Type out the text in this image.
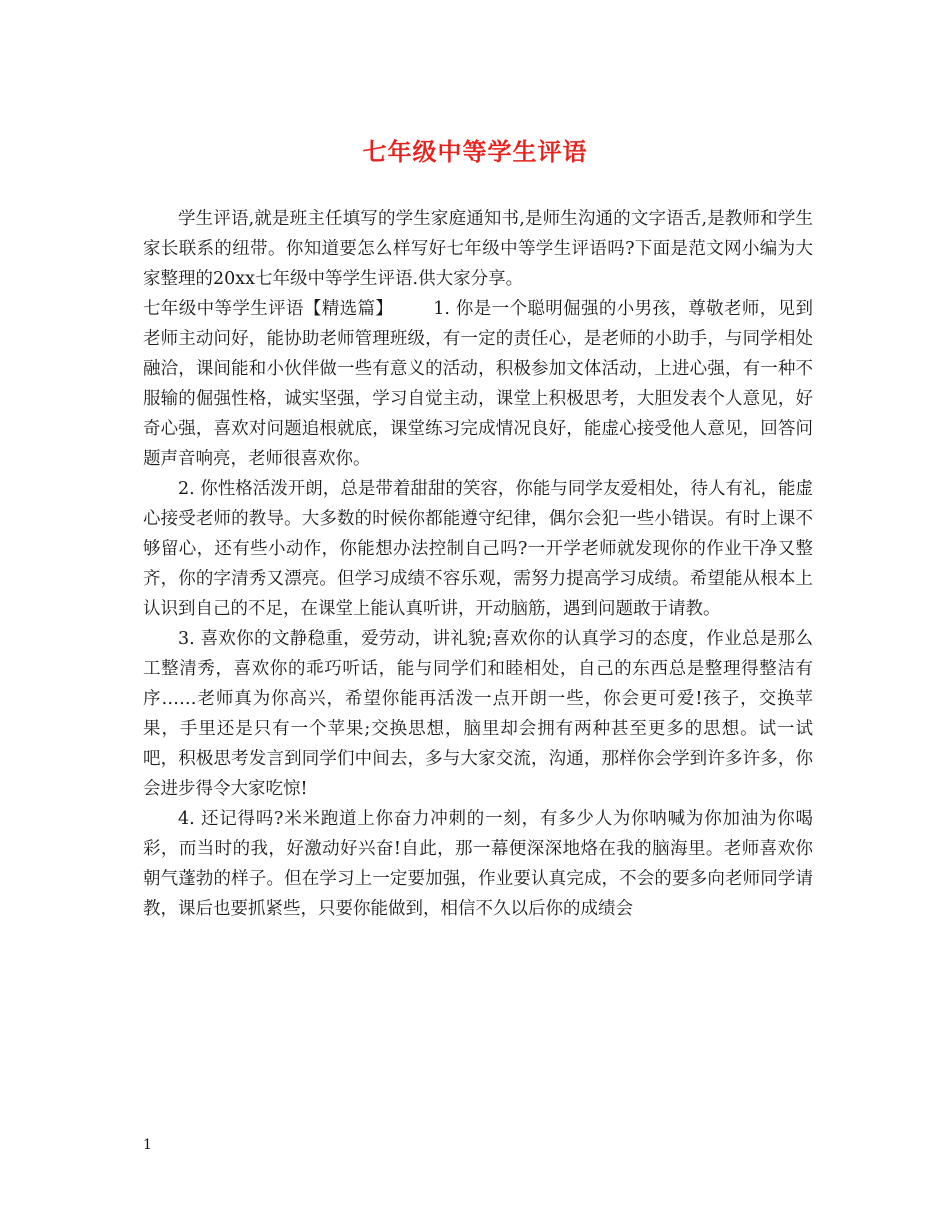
七年级中等学生评语

学生评语,就是班主任填写的学生家庭通知书,是师生沟通的文字语舌,是教师和学生家长联系的纽带。你知道要怎么样写好七年级中等学生评语吗?下面是范文网小编为大家整理的20xx七年级中等学生评语.供大家分享。

七年级中等学生评语【精选篇】 1. 你是一个聪明倔强的小男孩，尊敬老师，见到老师主动问好，能协助老师管理班级，有一定的责任心，是老师的小助手，与同学相处融洽，课间能和小伙伴做一些有意义的活动，积极参加文体活动，上进心强，有一种不服输的倔强性格，诚实坚强，学习自觉主动，课堂上积极思考，大胆发表个人意见，好奇心强，喜欢对问题追根就底，课堂练习完成情况良好，能虚心接受他人意见，回答问题声音响亮，老师很喜欢你。

2. 你性格活泼开朗，总是带着甜甜的笑容，你能与同学友爱相处，待人有礼，能虚心接受老师的教导。大多数的时候你都能遵守纪律，偶尔会犯一些小错误。有时上课不够留心，还有些小动作，你能想办法控制自己吗?一开学老师就发现你的作业干净又整齐，你的字清秀又漂亮。但学习成绩不容乐观，需努力提高学习成绩。希望能从根本上认识到自己的不足，在课堂上能认真听讲，开动脑筋，遇到问题敢于请教。

3. 喜欢你的文静稳重，爱劳动，讲礼貌;喜欢你的认真学习的态度，作业总是那么工整清秀，喜欢你的乖巧听话，能与同学们和睦相处，自己的东西总是整理得整洁有序……老师真为你高兴，希望你能再活泼一点开朗一些，你会更可爱!孩子，交换苹果，手里还是只有一个苹果;交换思想，脑里却会拥有两种甚至更多的思想。试一试吧，积极思考发言到同学们中间去，多与大家交流，沟通，那样你会学到许多许多，你会进步得令大家吃惊!

4. 还记得吗?米米跑道上你奋力冲刺的一刻，有多少人为你呐喊为你加油为你喝彩，而当时的我，好激动好兴奋!自此，那一幕便深深地烙在我的脑海里。老师喜欢你朝气蓬勃的样子。但在学习上一定要加强，作业要认真完成，不会的要多向老师同学请教，课后也要抓紧些，只要你能做到，相信不久以后你的成绩会

1
